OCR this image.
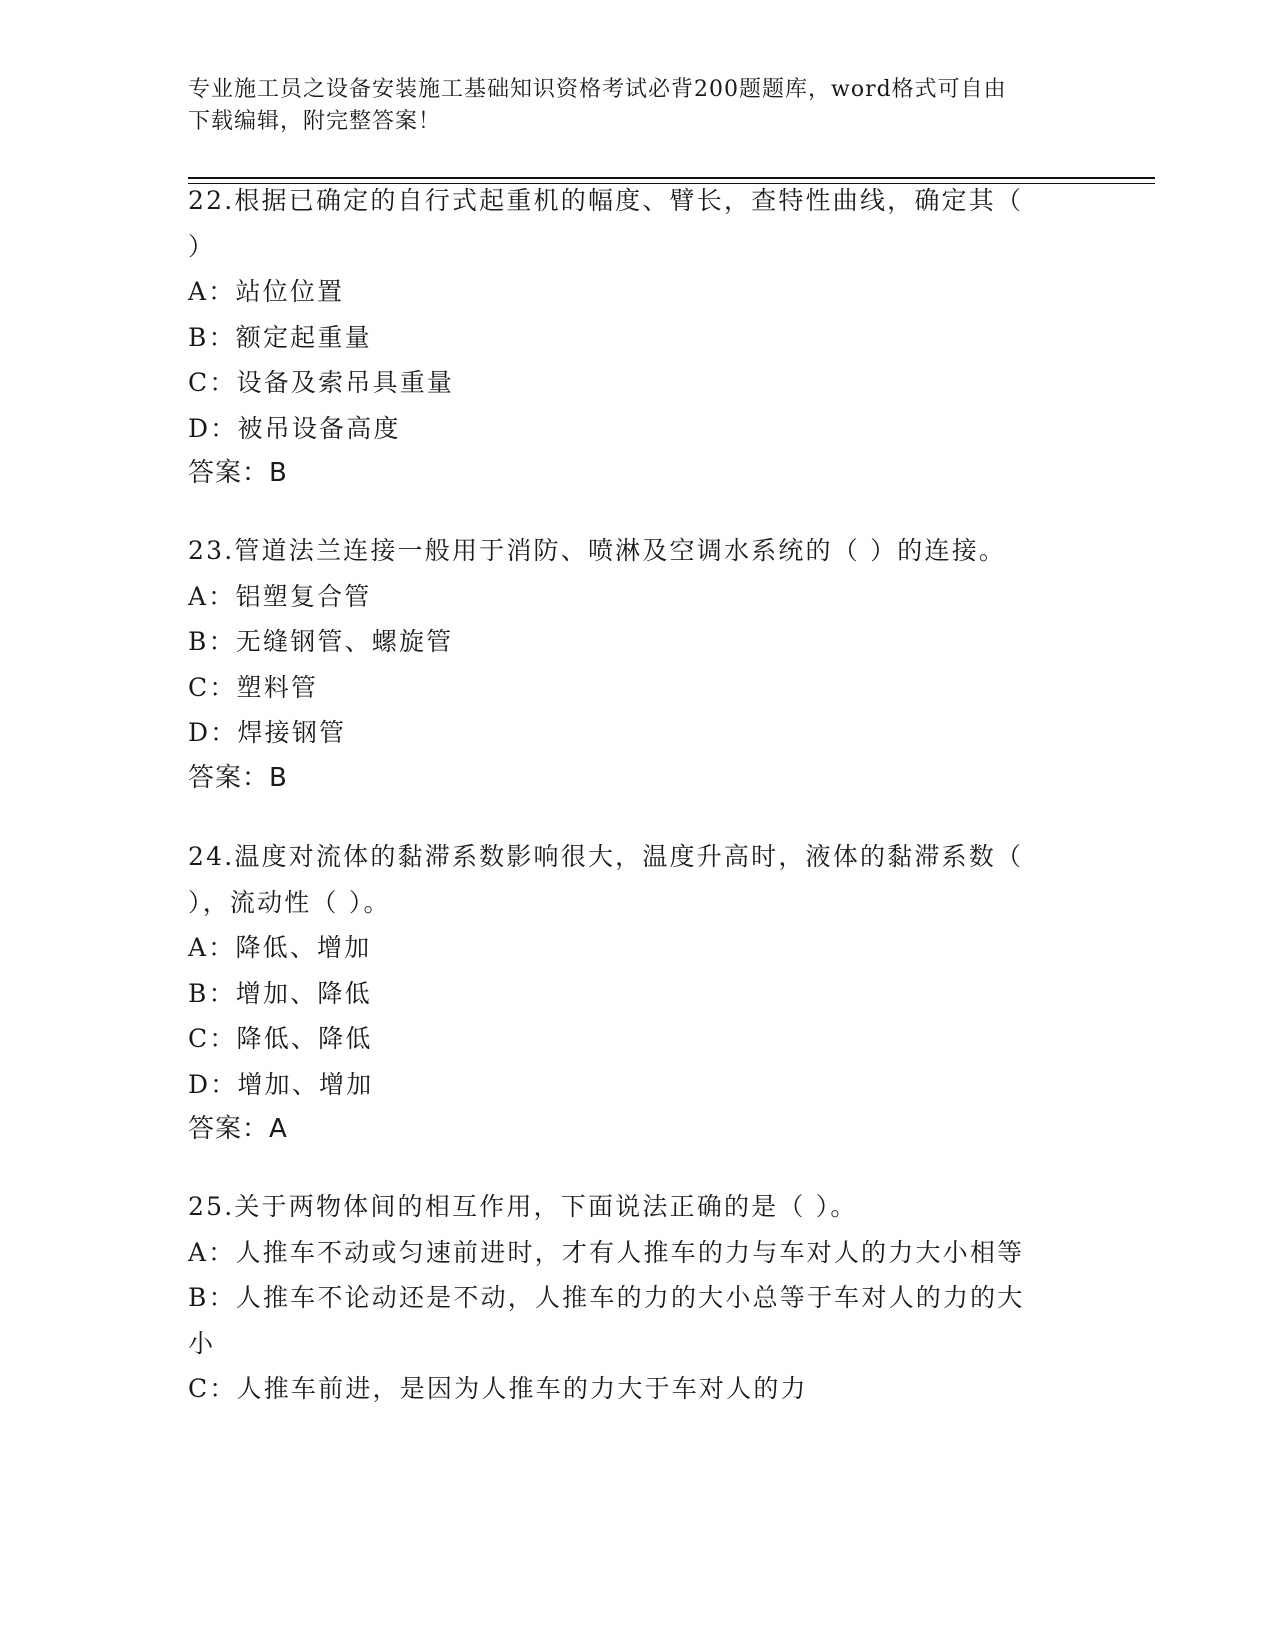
专业施工员之设备安装施工基础知识资格考试必背200题题库，word格式可自由
下载编辑，附完整答案！
22.根据已确定的自行式起重机的幅度、臂长，查特性曲线，确定其（
）
A：站位位置
B：额定起重量
C：设备及索吊具重量
D：被吊设备高度
答案：B
23.管道法兰连接一般用于消防、喷淋及空调水系统的（ ）的连接。
A：铝塑复合管
B：无缝钢管、螺旋管
C：塑料管
D：焊接钢管
答案：B
24.温度对流体的黏滞系数影响很大，温度升高时，液体的黏滞系数（
），流动性（ ）。
A：降低、增加
B：增加、降低
C：降低、降低
D：增加、增加
答案：A
25.关于两物体间的相互作用，下面说法正确的是（ ）。
A：人推车不动或匀速前进时，才有人推车的力与车对人的力大小相等
B：人推车不论动还是不动，人推车的力的大小总等于车对人的力的大
小
C：人推车前进，是因为人推车的力大于车对人的力
